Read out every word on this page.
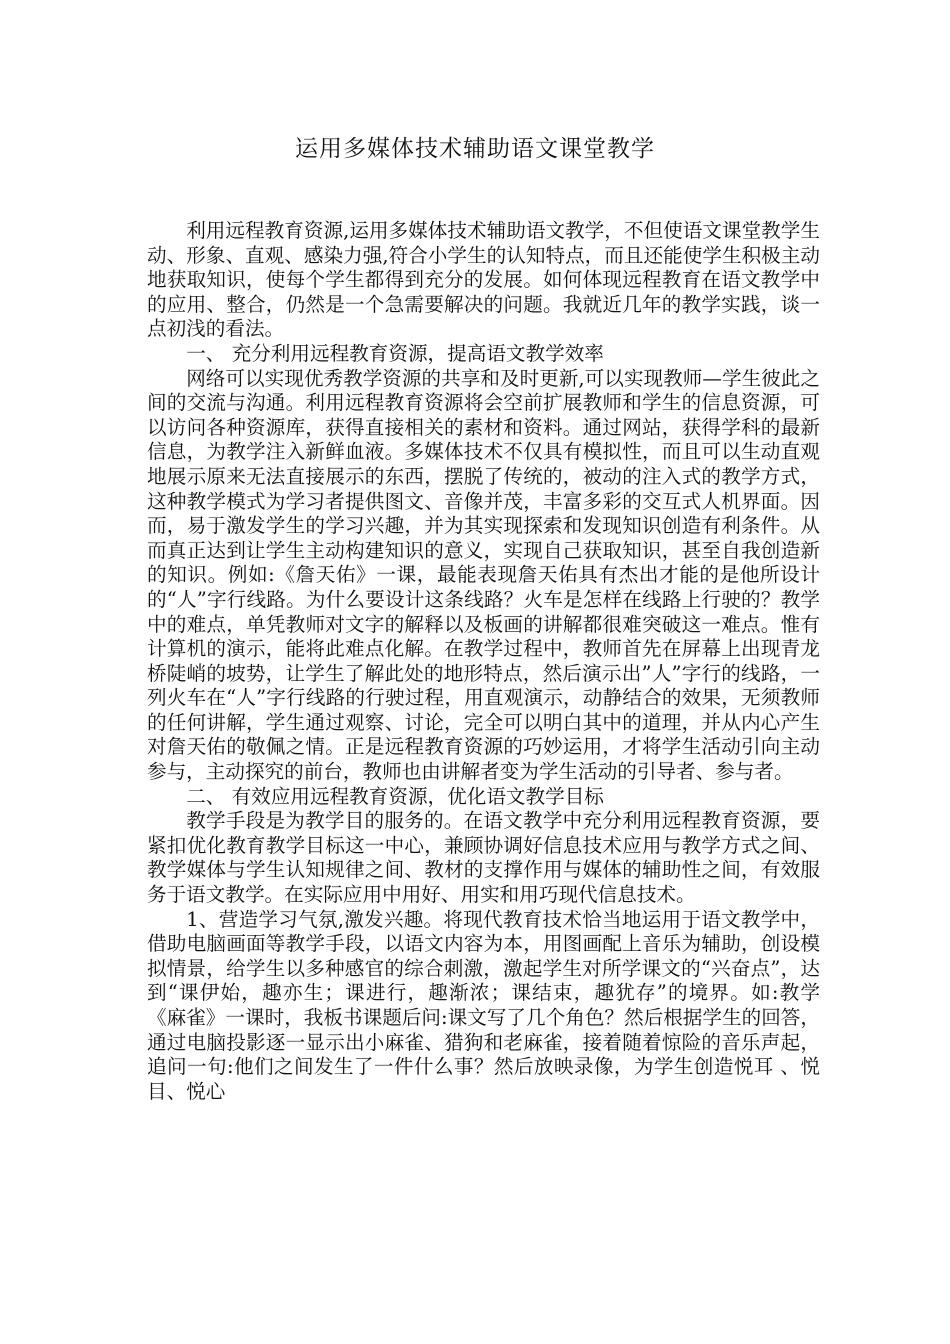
运用多媒体技术辅助语文课堂教学

利用远程教育资源,运用多媒体技术辅助语文教学，不但使语文课堂教学生动、形象、直观、感染力强,符合小学生的认知特点，而且还能使学生积极主动地获取知识，使每个学生都得到充分的发展。如何体现远程教育在语文教学中的应用、整合，仍然是一个急需要解决的问题。我就近几年的教学实践，谈一点初浅的看法。

一、 充分利用远程教育资源，提高语文教学效率

网络可以实现优秀教学资源的共享和及时更新,可以实现教师—学生彼此之间的交流与沟通。利用远程教育资源将会空前扩展教师和学生的信息资源，可以访问各种资源库，获得直接相关的素材和资料。通过网站，获得学科的最新信息，为教学注入新鲜血液。多媒体技术不仅具有模拟性，而且可以生动直观地展示原来无法直接展示的东西，摆脱了传统的，被动的注入式的教学方式，这种教学模式为学习者提供图文、音像并茂，丰富多彩的交互式人机界面。因而，易于激发学生的学习兴趣，并为其实现探索和发现知识创造有利条件。从而真正达到让学生主动构建知识的意义，实现自己获取知识，甚至自我创造新的知识。例如:《詹天佑》一课，最能表现詹天佑具有杰出才能的是他所设计的“人”字行线路。为什么要设计这条线路？火车是怎样在线路上行驶的？教学中的难点，单凭教师对文字的解释以及板画的讲解都很难突破这一难点。惟有计算机的演示，能将此难点化解。在教学过程中，教师首先在屏幕上出现青龙桥陡峭的坡势，让学生了解此处的地形特点，然后演示出”人”字行的线路，一列火车在“人”字行线路的行驶过程，用直观演示，动静结合的效果，无须教师的任何讲解，学生通过观察、讨论，完全可以明白其中的道理，并从内心产生对詹天佑的敬佩之情。正是远程教育资源的巧妙运用，才将学生活动引向主动参与，主动探究的前台，教师也由讲解者变为学生活动的引导者、参与者。

二、 有效应用远程教育资源，优化语文教学目标

教学手段是为教学目的服务的。在语文教学中充分利用远程教育资源，要紧扣优化教育教学目标这一中心，兼顾协调好信息技术应用与教学方式之间、教学媒体与学生认知规律之间、教材的支撑作用与媒体的辅助性之间，有效服务于语文教学。在实际应用中用好、用实和用巧现代信息技术。

1、营造学习气氛,激发兴趣。将现代教育技术恰当地运用于语文教学中，借助电脑画面等教学手段，以语文内容为本，用图画配上音乐为辅助，创设模拟情景，给学生以多种感官的综合刺激，激起学生对所学课文的“兴奋点”，达到“课伊始，趣亦生；课进行，趣渐浓；课结束，趣犹存”的境界。如:教学《麻雀》一课时，我板书课题后问:课文写了几个角色？然后根据学生的回答，通过电脑投影逐一显示出小麻雀、猎狗和老麻雀，接着随着惊险的音乐声起，追问一句:他们之间发生了一件什么事？然后放映录像，为学生创造悦耳 、悦目、悦心
